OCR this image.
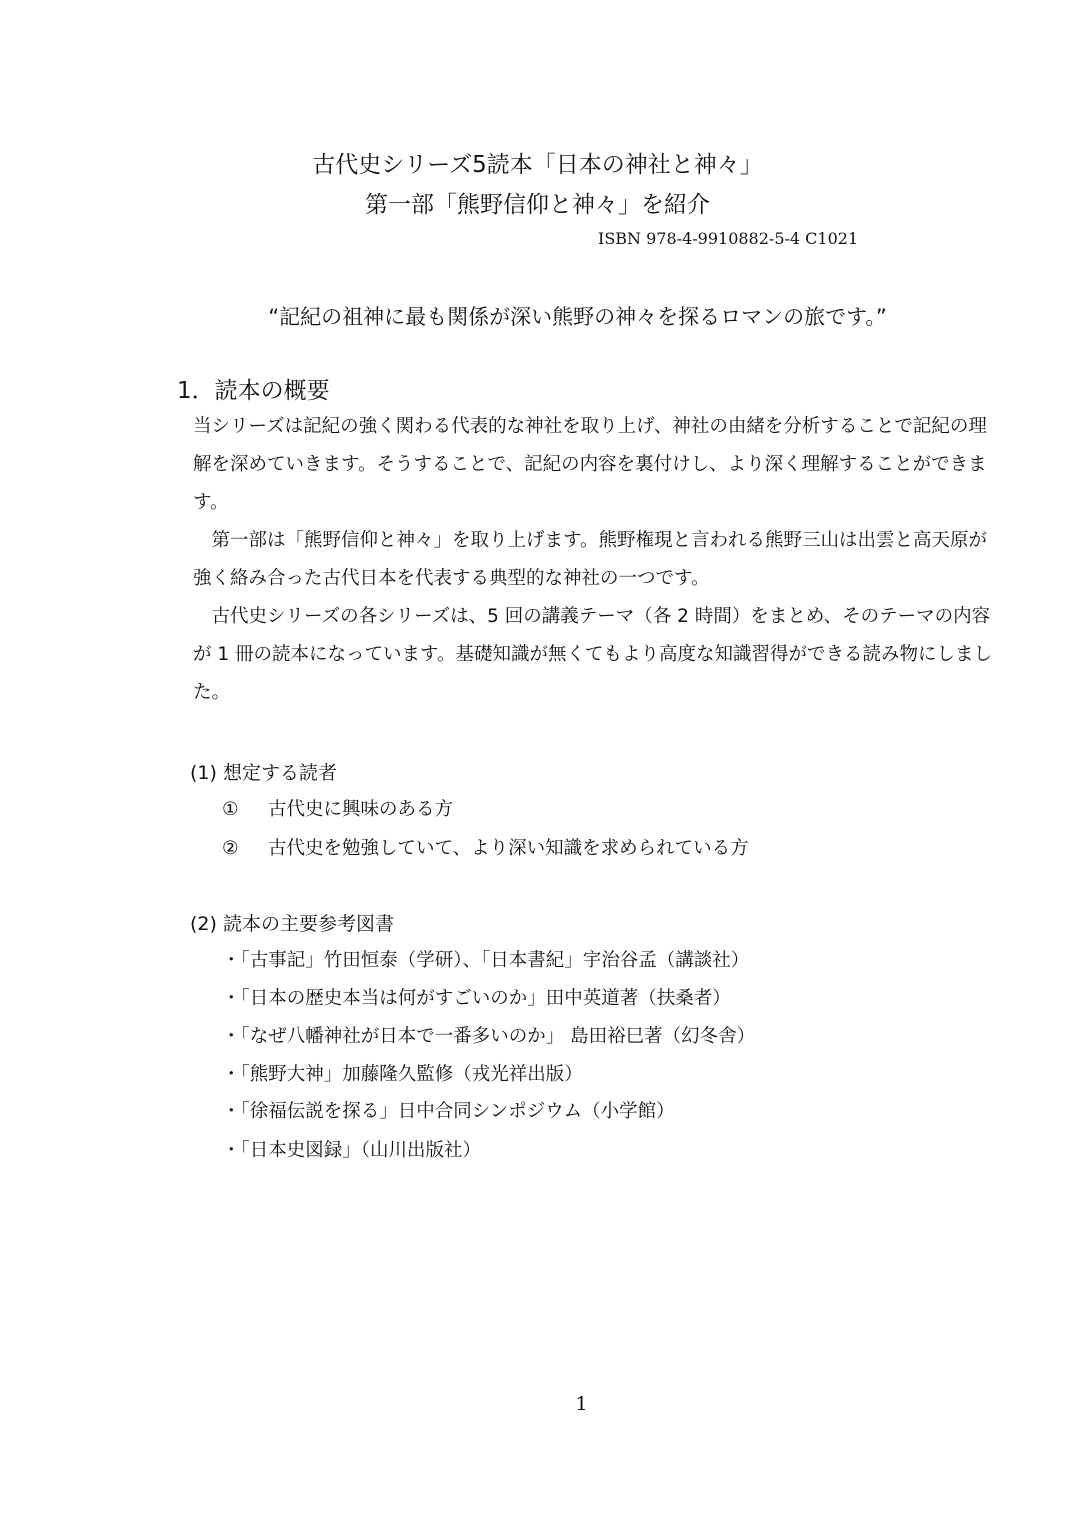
古代史シリーズ5読本「日本の神社と神々」
第一部「熊野信仰と神々」を紹介
ISBN 978-4-9910882-5-4 C1021
“記紀の祖神に最も関係が深い熊野の神々を探るロマンの旅です。”
1．読本の概要
当シリーズは記紀の強く関わる代表的な神社を取り上げ、神社の由緒を分析することで記紀の理解を深めていきます。そうすることで、記紀の内容を裏付けし、より深く理解することができます。
　第一部は「熊野信仰と神々」を取り上げます。熊野権現と言われる熊野三山は出雲と高天原が強く絡み合った古代日本を代表する典型的な神社の一つです。
　古代史シリーズの各シリーズは、5 回の講義テーマ（各 2 時間）をまとめ、そのテーマの内容が 1 冊の読本になっています。基礎知識が無くてもより高度な知識習得ができる読み物にしました。
(1) 想定する読者
① 古代史に興味のある方
② 古代史を勉強していて、より深い知識を求められている方
(2) 読本の主要参考図書
・「古事記」竹田恒泰（学研）、「日本書紀」宇治谷孟（講談社）
・「日本の歴史本当は何がすごいのか」田中英道著（扶桑者）
・「なぜ八幡神社が日本で一番多いのか」 島田裕巳著（幻冬舎）
・「熊野大神」加藤隆久監修（戎光祥出版）
・「徐福伝説を探る」日中合同シンポジウム（小学館）
・「日本史図録」（山川出版社）
1
